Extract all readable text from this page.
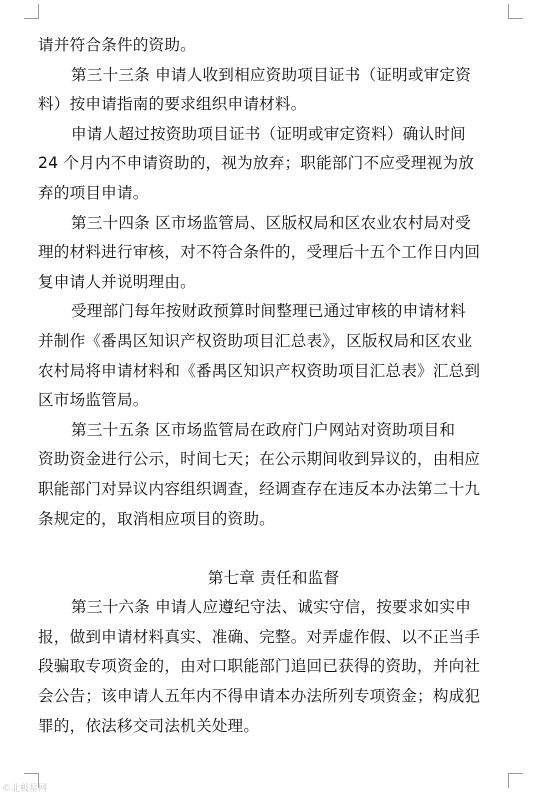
请并符合条件的资助。
第三十三条 申请人收到相应资助项目证书（证明或审定资
料）按申请指南的要求组织申请材料。
申请人超过按资助项目证书（证明或审定资料）确认时间
24 个月内不申请资助的，视为放弃；职能部门不应受理视为放
弃的项目申请。
第三十四条 区市场监管局、区版权局和区农业农村局对受
理的材料进行审核，对不符合条件的，受理后十五个工作日内回
复申请人并说明理由。
受理部门每年按财政预算时间整理已通过审核的申请材料
并制作《番禺区知识产权资助项目汇总表》，区版权局和区农业
农村局将申请材料和《番禺区知识产权资助项目汇总表》汇总到
区市场监管局。
第三十五条 区市场监管局在政府门户网站对资助项目和
资助资金进行公示，时间七天；在公示期间收到异议的，由相应
职能部门对异议内容组织调查，经调查存在违反本办法第二十九
条规定的，取消相应项目的资助。
第七章 责任和监督
第三十六条 申请人应遵纪守法、诚实守信，按要求如实申
报，做到申请材料真实、准确、完整。对弄虚作假、以不正当手
段骗取专项资金的，由对口职能部门追回已获得的资助，并向社
会公告；该申请人五年内不得申请本办法所列专项资金；构成犯
罪的，依法移交司法机关处理。
©北极星网
